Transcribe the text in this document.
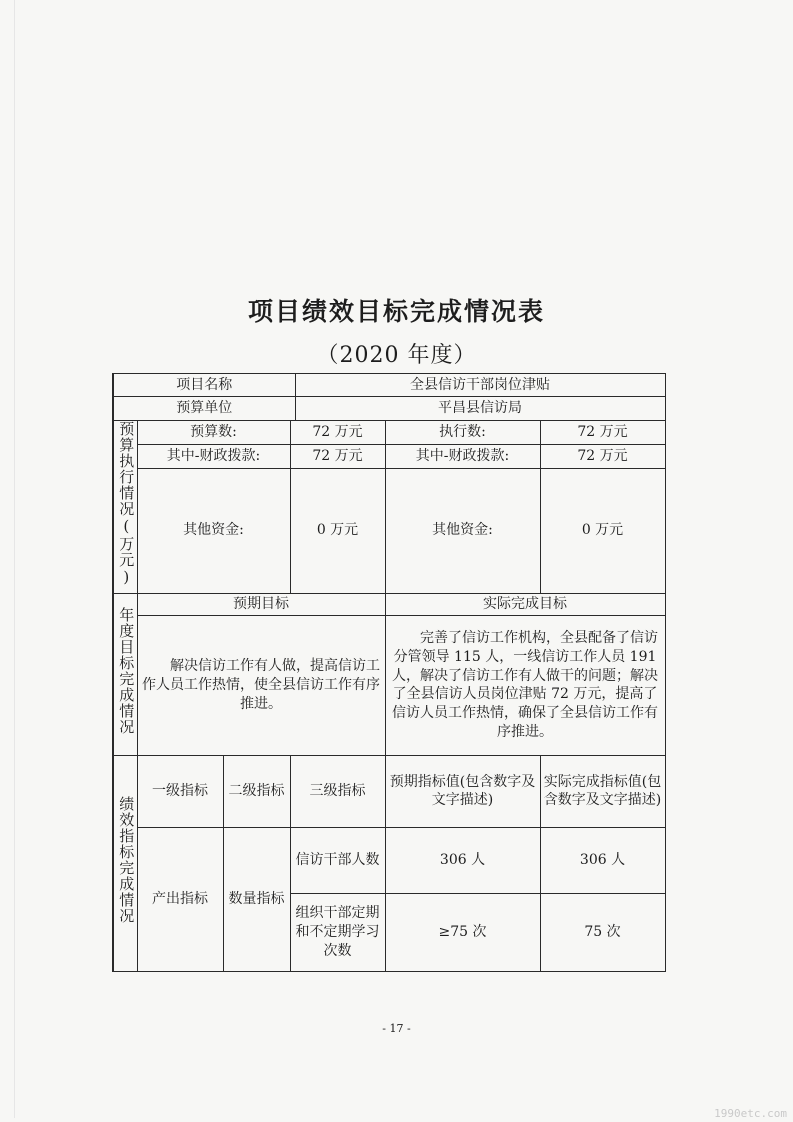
项目绩效目标完成情况表
（2020 年度）
项目名称				全县信访干部岗位津贴		
预算单位				平昌县信访局		
预算执行情况(万元)	预算数:		72 万元		执行数:	72 万元
	其中-财政拨款:		72 万元		其中-财政拨款:	72 万元
	其他资金:		0 万元		其他资金:	0 万元
年度目标完成情况	预期目标				实际完成目标	

	解决信访工作有人做，提高信访工作人员工作热情，使全县信访工作有序推进。				完善了信访工作机构，全县配备了信访分管领导 115 人，一线信访工作人员 191 人，解决了信访工作有人做干的问题；解决了全县信访人员岗位津贴 72 万元，提高了信访人员工作热情，确保了全县信访工作有序推进。	

绩效指标完成情况	一级指标	二级指标	三级指标		预期指标值(包含数字及文字描述)	实际完成指标值(包含数字及文字描述)
	产出指标	数量指标	信访干部人数		306 人	306 人
			组织干部定期和不定期学习次数		≥75 次	75 次
- 17 -
1990etc.com
